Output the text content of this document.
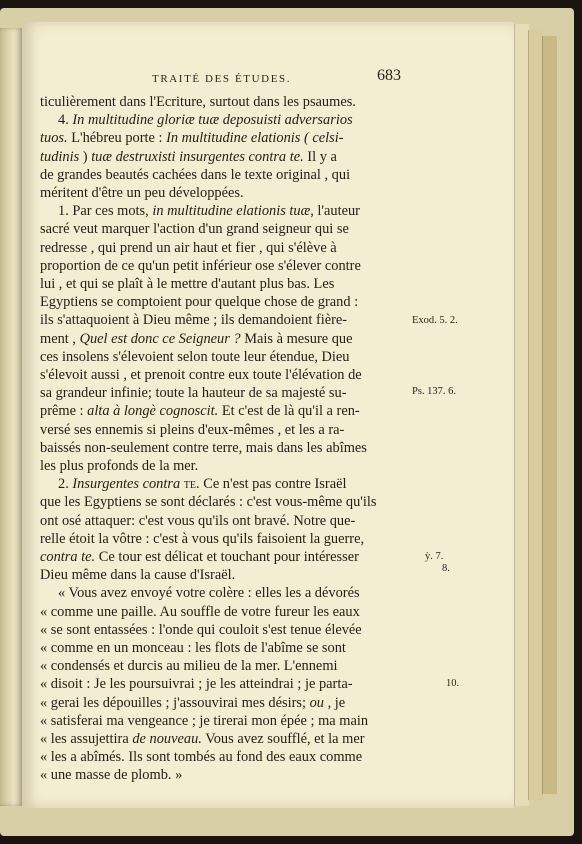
TRAITÉ DES ÉTUDES.	683
ticulièrement dans l'Ecriture, surtout dans les psaumes.
4. In multitudine gloriæ tuæ deposuisti adversarios
tuos. L'hébreu porte : In multitudine elationis ( celsi-
tudinis ) tuæ destruxisti insurgentes contra te. Il y a
de grandes beautés cachées dans le texte original , qui
méritent d'être un peu développées.
1. Par ces mots, in multitudine elationis tuæ, l'auteur
sacré veut marquer l'action d'un grand seigneur qui se
redresse , qui prend un air haut et fier , qui s'élève à
proportion de ce qu'un petit inférieur ose s'élever contre
lui , et qui se plaît à le mettre d'autant plus bas. Les
Egyptiens se comptoient pour quelque chose de grand :
ils s'attaquoient à Dieu même ; ils demandoient fière-
ment , Quel est donc ce Seigneur ? Mais à mesure que
ces insolens s'élevoient selon toute leur étendue, Dieu
s'élevoit aussi , et prenoit contre eux toute l'élévation de
sa grandeur infinie; toute la hauteur de sa majesté su-
prême : alta à longè cognoscit. Et c'est de là qu'il a ren-
versé ses ennemis si pleins d'eux-mêmes , et les a ra-
baissés non-seulement contre terre, mais dans les abîmes
les plus profonds de la mer.
2. Insurgentes contra te. Ce n'est pas contre Israël
que les Egyptiens se sont déclarés : c'est vous-même qu'ils
ont osé attaquer: c'est vous qu'ils ont bravé. Notre que-
relle étoit la vôtre : c'est à vous qu'ils faisoient la guerre,
contra te. Ce tour est délicat et touchant pour intéresser
Dieu même dans la cause d'Israël.
« Vous avez envoyé votre colère : elles les a dévorés
« comme une paille. Au souffle de votre fureur les eaux
« se sont entassées : l'onde qui couloit s'est tenue élevée
« comme en un monceau : les flots de l'abîme se sont
« condensés et durcis au milieu de la mer. L'ennemi
« disoit : Je les poursuivrai ; je les atteindrai ; je parta-
« gerai les dépouilles ; j'assouvirai mes désirs; ou , je
« satisferai ma vengeance ; je tirerai mon épée ; ma main
« les assujettira de nouveau. Vous avez soufflé, et la mer
« les a abîmés. Ils sont tombés au fond des eaux comme
« une masse de plomb. »
Exod. 5. 2.
Ps. 137. 6.
ỳ. 7.
8.
10.
